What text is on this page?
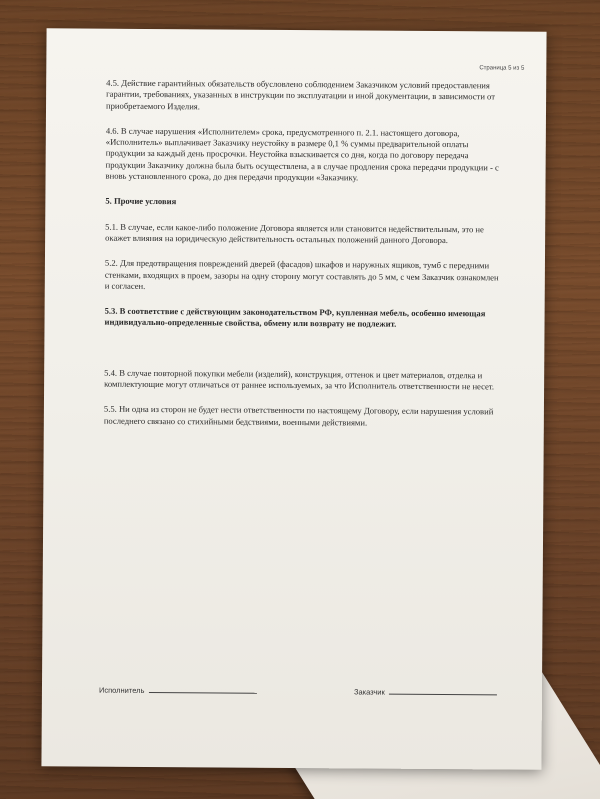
Страница 5 из 5

4.5. Действие гарантийных обязательств обусловлено соблюдением Заказчиком условий предоставления гарантии, требованиях, указанных в инструкции по эксплуатации и иной документации, в зависимости от приобретаемого Изделия.

4.6. В случае нарушения «Исполнителем» срока, предусмотренного п. 2.1. настоящего договора, «Исполнитель» выплачивает Заказчику неустойку в размере 0,1 % суммы предварительной оплаты продукции за каждый день просрочки. Неустойка взыскивается со дня, когда по договору передача продукции Заказчику должна была быть осуществлена, а в случае продления срока передачи продукции - с вновь установленного срока, до дня передачи продукции «Заказчику.

5. Прочие условия

5.1. В случае, если какое-либо положение Договора является или становится недействительным, это не окажет влияния на юридическую действительность остальных положений данного Договора.

5.2. Для предотвращения повреждений дверей (фасадов) шкафов и наружных ящиков, тумб с передними стенками, входящих в проем, зазоры на одну сторону могут составлять до 5 мм, с чем Заказчик ознакомлен и согласен.

5.3. В соответствие с действующим законодательством РФ, купленная мебель, особенно имеющая индивидуально-определенные свойства, обмену или возврату не подлежит.

5.4. В случае повторной покупки мебели (изделий), конструкция, оттенок и цвет материалов, отделка и комплектующие могут отличаться от раннее используемых, за что Исполнитель ответственности не несет.

5.5. Ни одна из сторон не будет нести ответственности по настоящему Договору, если нарушения условий последнего связано со стихийными бедствиями, военными действиями.

Исполнитель	Заказчик
